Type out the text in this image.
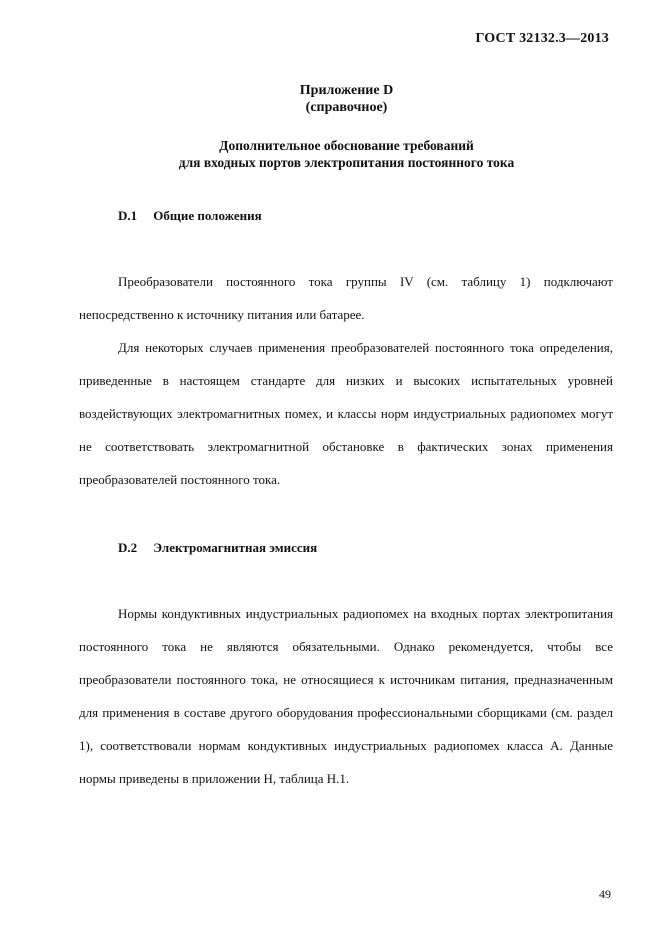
ГОСТ 32132.3—2013
Приложение D
(справочное)
Дополнительное обоснование требований
для входных портов электропитания постоянного тока
D.1 Общие положения

Преобразователи постоянного тока группы IV (см. таблицу 1) подключают непосредственно к источнику питания или батарее.

Для некоторых случаев применения преобразователей постоянного тока определения, приведенные в настоящем стандарте для низких и высоких испытательных уровней воздействующих электромагнитных помех, и классы норм индустриальных радиопомех могут не соответствовать электромагнитной обстановке в фактических зонах применения преобразователей постоянного тока.

D.2 Электромагнитная эмиссия

Нормы кондуктивных индустриальных радиопомех на входных портах электропитания постоянного тока не являются обязательными. Однако рекомендуется, чтобы все преобразователи постоянного тока, не относящиеся к источникам питания, предназначенным для применения в составе другого оборудования профессиональными сборщиками (см. раздел 1), соответствовали нормам кондуктивных индустриальных радиопомех класса А. Данные нормы приведены в приложении Н, таблица Н.1.

49
